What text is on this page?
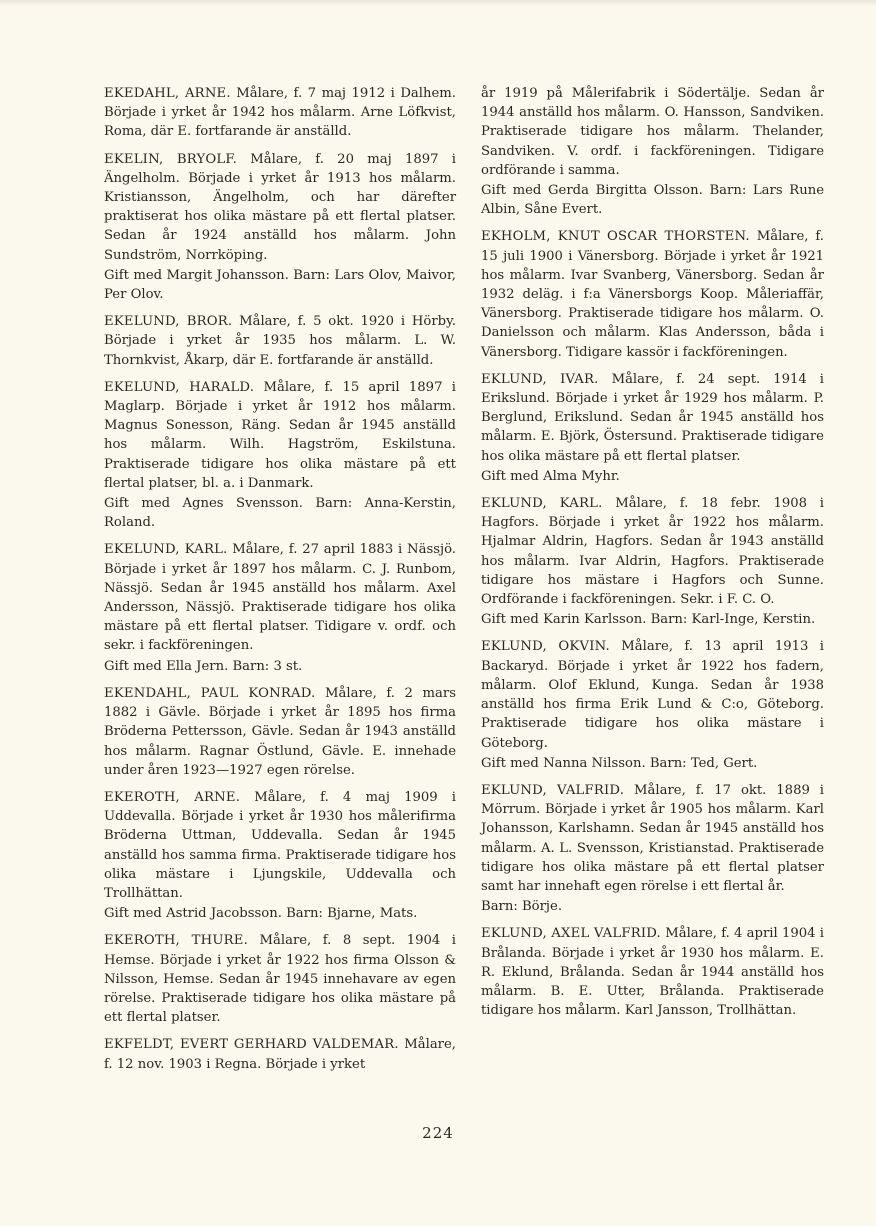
EKEDAHL, ARNE. Målare, f. 7 maj 1912 i Dalhem. Började i yrket år 1942 hos målarm. Arne Löfkvist, Roma, där E. fortfarande är anställd.

EKELIN, BRYOLF. Målare, f. 20 maj 1897 i Ängelholm. Började i yrket år 1913 hos målarm. Kristiansson, Ängelholm, och har därefter praktiserat hos olika mästare på ett flertal platser. Sedan år 1924 anställd hos målarm. John Sundström, Norrköping.

Gift med Margit Johansson. Barn: Lars Olov, Maivor, Per Olov.

EKELUND, BROR. Målare, f. 5 okt. 1920 i Hörby. Började i yrket år 1935 hos målarm. L. W. Thornkvist, Åkarp, där E. fortfarande är anställd.

EKELUND, HARALD. Målare, f. 15 april 1897 i Maglarp. Började i yrket år 1912 hos målarm. Magnus Sonesson, Räng. Sedan år 1945 anställd hos målarm. Wilh. Hagström, Eskilstuna. Praktiserade tidigare hos olika mästare på ett flertal platser, bl. a. i Danmark.

Gift med Agnes Svensson. Barn: Anna-Kerstin, Roland.

EKELUND, KARL. Målare, f. 27 april 1883 i Nässjö. Började i yrket år 1897 hos målarm. C. J. Runbom, Nässjö. Sedan år 1945 anställd hos målarm. Axel Andersson, Nässjö. Praktiserade tidigare hos olika mästare på ett flertal platser. Tidigare v. ordf. och sekr. i fackföreningen.

Gift med Ella Jern. Barn: 3 st.

EKENDAHL, PAUL KONRAD. Målare, f. 2 mars 1882 i Gävle. Började i yrket år 1895 hos firma Bröderna Pettersson, Gävle. Sedan år 1943 anställd hos målarm. Ragnar Östlund, Gävle. E. innehade under åren 1923—1927 egen rörelse.

EKEROTH, ARNE. Målare, f. 4 maj 1909 i Uddevalla. Började i yrket år 1930 hos målerifirma Bröderna Uttman, Uddevalla. Sedan år 1945 anställd hos samma firma. Praktiserade tidigare hos olika mästare i Ljungskile, Uddevalla och Trollhättan.

Gift med Astrid Jacobsson. Barn: Bjarne, Mats.

EKEROTH, THURE. Målare, f. 8 sept. 1904 i Hemse. Började i yrket år 1922 hos firma Olsson & Nilsson, Hemse. Sedan år 1945 innehavare av egen rörelse. Praktiserade tidigare hos olika mästare på ett flertal platser.

EKFELDT, EVERT GERHARD VALDEMAR. Målare, f. 12 nov. 1903 i Regna. Började i yrket

år 1919 på Målerifabrik i Södertälje. Sedan år 1944 anställd hos målarm. O. Hansson, Sandviken. Praktiserade tidigare hos målarm. Thelander, Sandviken. V. ordf. i fackföreningen. Tidigare ordförande i samma.

Gift med Gerda Birgitta Olsson. Barn: Lars Rune Albin, Såne Evert.

EKHOLM, KNUT OSCAR THORSTEN. Målare, f. 15 juli 1900 i Vänersborg. Började i yrket år 1921 hos målarm. Ivar Svanberg, Vänersborg. Sedan år 1932 deläg. i f:a Vänersborgs Koop. Måleriaffär, Vänersborg. Praktiserade tidigare hos målarm. O. Danielsson och målarm. Klas Andersson, båda i Vänersborg. Tidigare kassör i fackföreningen.

EKLUND, IVAR. Målare, f. 24 sept. 1914 i Erikslund. Började i yrket år 1929 hos målarm. P. Berglund, Erikslund. Sedan år 1945 anställd hos målarm. E. Björk, Östersund. Praktiserade tidigare hos olika mästare på ett flertal platser.

Gift med Alma Myhr.

EKLUND, KARL. Målare, f. 18 febr. 1908 i Hagfors. Började i yrket år 1922 hos målarm. Hjalmar Aldrin, Hagfors. Sedan år 1943 anställd hos målarm. Ivar Aldrin, Hagfors. Praktiserade tidigare hos mästare i Hagfors och Sunne. Ordförande i fackföreningen. Sekr. i F. C. O.

Gift med Karin Karlsson. Barn: Karl-Inge, Kerstin.

EKLUND, OKVIN. Målare, f. 13 april 1913 i Backaryd. Började i yrket år 1922 hos fadern, målarm. Olof Eklund, Kunga. Sedan år 1938 anställd hos firma Erik Lund & C:o, Göteborg. Praktiserade tidigare hos olika mästare i Göteborg.

Gift med Nanna Nilsson. Barn: Ted, Gert.

EKLUND, VALFRID. Målare, f. 17 okt. 1889 i Mörrum. Började i yrket år 1905 hos målarm. Karl Johansson, Karlshamn. Sedan år 1945 anställd hos målarm. A. L. Svensson, Kristianstad. Praktiserade tidigare hos olika mästare på ett flertal platser samt har innehaft egen rörelse i ett flertal år.

Barn: Börje.

EKLUND, AXEL VALFRID. Målare, f. 4 april 1904 i Brålanda. Började i yrket år 1930 hos målarm. E. R. Eklund, Brålanda. Sedan år 1944 anställd hos målarm. B. E. Utter, Brålanda. Praktiserade tidigare hos målarm. Karl Jansson, Trollhättan.

224
